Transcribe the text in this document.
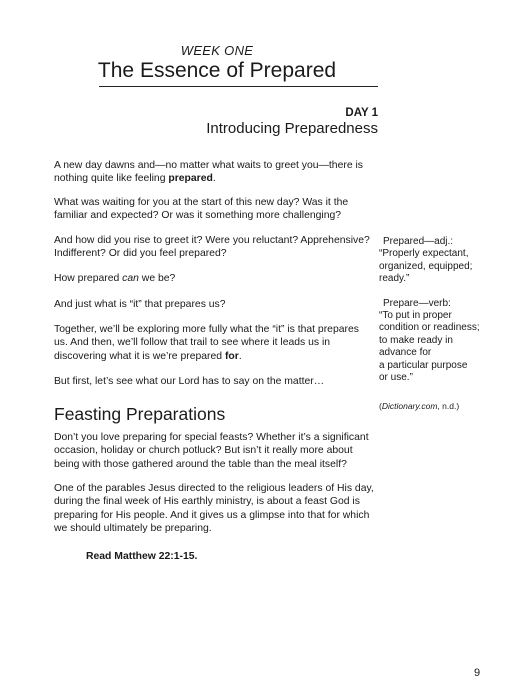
WEEK ONE
The Essence of Prepared
DAY 1
Introducing Preparedness

A new day dawns and—no matter what waits to greet you—there is nothing quite like feeling prepared.

What was waiting for you at the start of this new day? Was it the familiar and expected? Or was it something more challenging?

And how did you rise to greet it? Were you reluctant? Apprehensive? Indifferent? Or did you feel prepared?

How prepared can we be?

And just what is “it” that prepares us?

Together, we’ll be exploring more fully what the “it” is that prepares us. And then, we’ll follow that trail to see where it leads us in discovering what it is we’re prepared for.

But first, let’s see what our Lord has to say on the matter…

Feasting Preparations

Don’t you love preparing for special feasts? Whether it’s a significant occasion, holiday or church potluck? But isn’t it really more about being with those gathered around the table than the meal itself?

One of the parables Jesus directed to the religious leaders of His day, during the final week of His earthly ministry, is about a feast God is preparing for His people. And it gives us a glimpse into that for which we should ultimately be preparing.

Read Matthew 22:1-15.
Prepared—adj.:
“Properly expectant,
organized, equipped;
ready.”
Prepare—verb:
“To put in proper
condition or readiness;
to make ready in
advance for
a particular purpose
or use.”

(Dictionary.com, n.d.)

9
